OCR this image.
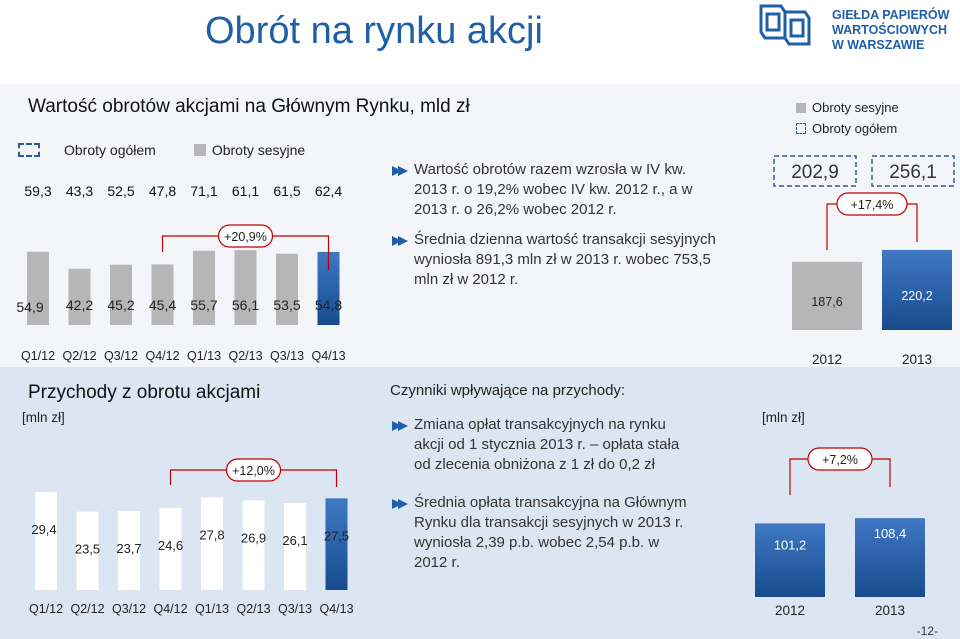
Obrót na rynku akcji	GIEŁDA PAPIERÓW
WARTOŚCIOWYCH
W WARSZAWIE
Wartość obrotów akcjami na Głównym Rynku, mld zł
Obroty ogółem	Obroty sesyjne
59,3 43,3 52,5 47,8 71,1 61,1 61,5 62,4
54,9
Q1/12
42,2
Q2/12
45,2
Q3/12
45,4
Q4/12
55,7
Q1/13
56,1
Q2/13
53,5
Q3/13
54,8
Q4/13
+20,9%
Wartość obrotów razem wzrosła w IV kw. 2013 r. o 19,2% wobec IV kw. 2012 r., a w 2013 r. o 26,2% wobec 2012 r.
Średnia dzienna wartość transakcji sesyjnych wyniosła 891,3 mln zł w 2013 r. wobec 753,5 mln zł w 2012 r.
Obroty sesyjne
Obroty ogółem
187,6
202,9
2012
220,2
256,1
2013
+17,4%
Przychody z obrotu akcjami
[mln zł]
29,4
Q1/12
23,5
Q2/12
23,7
Q3/12
24,6
Q4/12
27,8
Q1/13
26,9
Q2/13
26,1
Q3/13
27,5
Q4/13
+12,0%
Czynniki wpływające na przychody:
Zmiana opłat transakcyjnych na rynku akcji od 1 stycznia 2013 r. – opłata stała od zlecenia obniżona z 1 zł do 0,2 zł
Średnia opłata transakcyjna na Głównym Rynku dla transakcji sesyjnych w 2013 r. wyniosła 2,39 p.b. wobec 2,54 p.b. w 2012 r.
[mln zł]
101,2
2012
108,4
2013
+7,2%
-12-
